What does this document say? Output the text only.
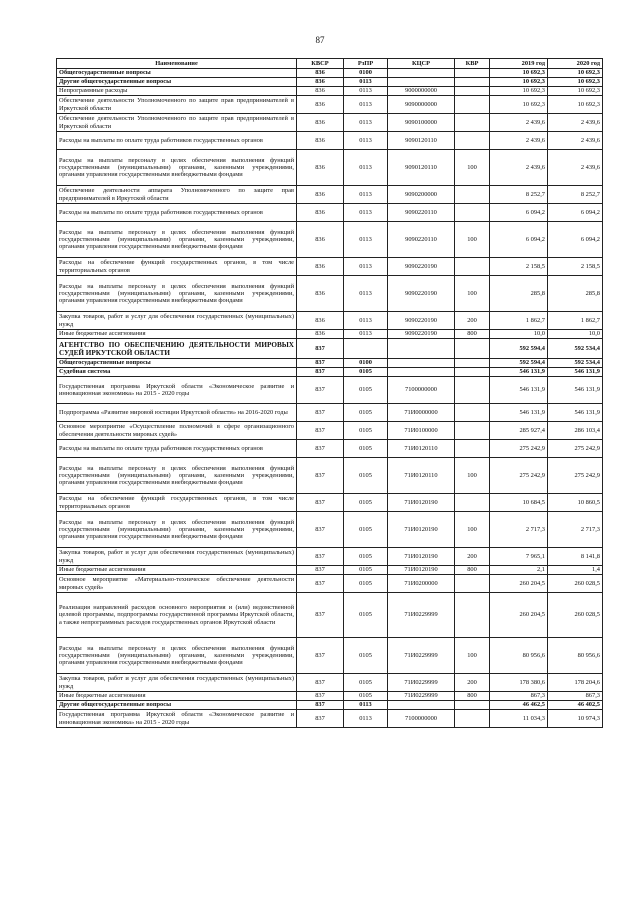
87
Наименование	КВСР	РзПР	КЦСР	КВР	2019 год	2020 год
Общегосударственные вопросы	836	0100			10 692,3	10 692,3
Другие общегосударственные вопросы	836	0113			10 692,3	10 692,3
Непрограммные расходы	836	0113	9000000000		10 692,3	10 692,3
Обеспечение деятельности Уполномоченного по защите прав предпринимателей в Иркутской области	836	0113	9090000000		10 692,3	10 692,3
Обеспечение деятельности Уполномоченного по защите прав предпринимателей в Иркутской области	836	0113	9090100000		2 439,6	2 439,6
Расходы на выплаты по оплате труда работников государственных органов	836	0113	9090120110		2 439,6	2 439,6
Расходы на выплаты персоналу в целях обеспечения выполнения функций государственными (муниципальными) органами, казенными учреждениями, органами управления государственными внебюджетными фондами	836	0113	9090120110	100	2 439,6	2 439,6
Обеспечение деятельности аппарата Уполномоченного по защите прав предпринимателей в Иркутской области	836	0113	9090200000		8 252,7	8 252,7
Расходы на выплаты по оплате труда работников государственных органов	836	0113	9090220110		6 094,2	6 094,2
Расходы на выплаты персоналу в целях обеспечения выполнения функций государственными (муниципальными) органами, казенными учреждениями, органами управления государственными внебюджетными фондами	836	0113	9090220110	100	6 094,2	6 094,2
Расходы на обеспечение функций государственных органов, в том числе территориальных органов	836	0113	9090220190		2 158,5	2 158,5
Расходы на выплаты персоналу в целях обеспечения выполнения функций государственными (муниципальными) органами, казенными учреждениями, органами управления государственными внебюджетными фондами	836	0113	9090220190	100	285,8	285,8
Закупка товаров, работ и услуг для обеспечения государственных (муниципальных) нужд	836	0113	9090220190	200	1 862,7	1 862,7
Иные бюджетные ассигнования	836	0113	9090220190	800	10,0	10,0
АГЕНТСТВО ПО ОБЕСПЕЧЕНИЮ ДЕЯТЕЛЬНОСТИ МИРОВЫХ СУДЕЙ ИРКУТСКОЙ ОБЛАСТИ	837				592 594,4	592 534,4
Общегосударственные вопросы	837	0100			592 594,4	592 534,4
Судебная система	837	0105			546 131,9	546 131,9
Государственная программа Иркутской области «Экономическое развитие и инновационная экономика» на 2015 - 2020 годы	837	0105	7100000000		546 131,9	546 131,9
Подпрограмма «Развитие мировой юстиции Иркутской области» на 2016-2020 годы	837	0105	71И0000000		546 131,9	546 131,9
Основное мероприятие «Осуществление полномочий в сфере организационного обеспечения деятельности мировых судей»	837	0105	71И0100000		285 927,4	286 103,4
Расходы на выплаты по оплате труда работников государственных органов	837	0105	71И0120110		275 242,9	275 242,9
Расходы на выплаты персоналу в целях обеспечения выполнения функций государственными (муниципальными) органами, казенными учреждениями, органами управления государственными внебюджетными фондами	837	0105	71И0120110	100	275 242,9	275 242,9
Расходы на обеспечение функций государственных органов, в том числе территориальных органов	837	0105	71И0120190		10 684,5	10 860,5
Расходы на выплаты персоналу в целях обеспечения выполнения функций государственными (муниципальными) органами, казенными учреждениями, органами управления государственными внебюджетными фондами	837	0105	71И0120190	100	2 717,3	2 717,3
Закупка товаров, работ и услуг для обеспечения государственных (муниципальных) нужд	837	0105	71И0120190	200	7 965,1	8 141,8
Иные бюджетные ассигнования	837	0105	71И0120190	800	2,1	1,4
Основное мероприятие «Материально-техническое обеспечение деятельности мировых судей»	837	0105	71И0200000		260 204,5	260 028,5
Реализация направлений расходов основного мероприятия и (или) ведомственной целевой программы, подпрограммы государственной программы Иркутской области, а также непрограммных расходов государственных органов Иркутской области	837	0105	71И0229999		260 204,5	260 028,5
Расходы на выплаты персоналу в целях обеспечения выполнения функций государственными (муниципальными) органами, казенными учреждениями, органами управления государственными внебюджетными фондами	837	0105	71И0229999	100	80 956,6	80 956,6
Закупка товаров, работ и услуг для обеспечения государственных (муниципальных) нужд	837	0105	71И0229999	200	178 380,6	178 204,6
Иные бюджетные ассигнования	837	0105	71И0229999	800	867,3	867,3
Другие общегосударственные вопросы	837	0113			46 462,5	46 402,5
Государственная программа Иркутской области «Экономическое развитие и инновационная экономика» на 2015 - 2020 годы	837	0113	7100000000		11 034,3	10 974,3
